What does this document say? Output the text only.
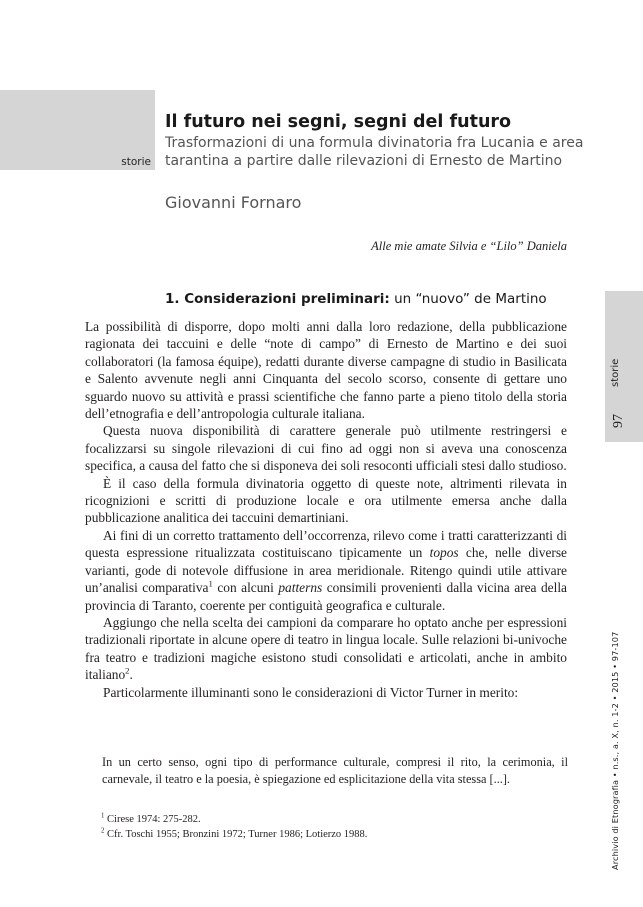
storie
storie
97
Archivio di Etnografia • n.s., a. X, n. 1-2 • 2015 • 97-107
Il futuro nei segni, segni del futuro
Trasformazioni di una formula divinatoria fra Lucania e area tarantina a partire dalle rilevazioni di Ernesto de Martino
Giovanni Fornaro
Alle mie amate Silvia e “Lilo” Daniela
1. Considerazioni preliminari: un “nuovo” de Martino

La possibilità di disporre, dopo molti anni dalla loro redazione, della pubblicazione ragionata dei taccuini e delle “note di campo” di Ernesto de Martino e dei suoi collaboratori (la famosa équipe), redatti durante diverse campagne di studio in Basilicata e Salento avvenute negli anni Cinquanta del secolo scorso, consente di gettare uno sguardo nuovo su attività e prassi scientifiche che fanno parte a pieno titolo della storia dell’etnografia e dell’antropologia culturale italiana.

Questa nuova disponibilità di carattere generale può utilmente restringersi e focalizzarsi su singole rilevazioni di cui fino ad oggi non si aveva una conoscenza specifica, a causa del fatto che si disponeva dei soli resoconti ufficiali stesi dallo studioso.

È il caso della formula divinatoria oggetto di queste note, altrimenti rilevata in ricognizioni e scritti di produzione locale e ora utilmente emersa anche dalla pubblicazione analitica dei taccuini demartiniani.

Ai fini di un corretto trattamento dell’occorrenza, rilevo come i tratti caratterizzanti di questa espressione ritualizzata costituiscano tipicamente un topos che, nelle diverse varianti, gode di notevole diffusione in area meridionale. Ritengo quindi utile attivare un’analisi comparativa$^1$ con alcuni patterns consimili provenienti dalla vicina area della provincia di Taranto, coerente per contiguità geografica e culturale.

Aggiungo che nella scelta dei campioni da comparare ho optato anche per espressioni tradizionali riportate in alcune opere di teatro in lingua locale. Sulle relazioni bi-univoche fra teatro e tradizioni magiche esistono studi consolidati e articolati, anche in ambito italiano$^2$.

Particolarmente illuminanti sono le considerazioni di Victor Turner in merito:

In un certo senso, ogni tipo di performance culturale, compresi il rito, la cerimonia, il carnevale, il teatro e la poesia, è spiegazione ed esplicitazione della vita stessa [...].
$^1$ Cirese 1974: 275-282.
$^2$ Cfr. Toschi 1955; Bronzini 1972; Turner 1986; Lotierzo 1988.
